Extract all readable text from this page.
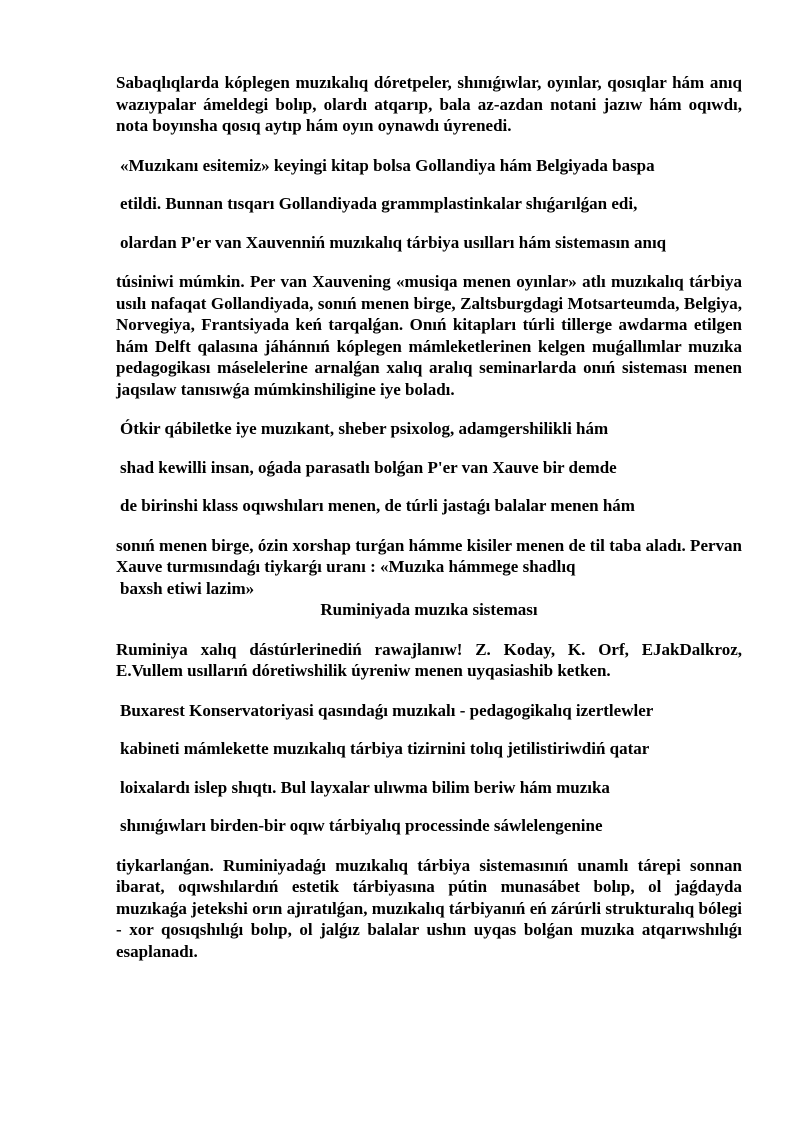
Sabaqlıqlarda kóplegen muzıkalıq dóretpeler, shınıǵıwlar, oyınlar, qosıqlar hám anıq wazıypalar ámeldegi bolıp, olardı atqarıp, bala az-azdan notani jazıw hám oqıwdı, nota boyınsha qosıq aytıp hám oyın oynawdı úyrenedi.

«Muzıkanı esitemiz» keyingi kitap bolsa Gollandiya hám Belgiyada baspa

etildi. Bunnan tısqarı Gollandiyada grammplastinkalar shıǵarılǵan edi,

olardan P'er van Xauvenniń muzıkalıq tárbiya usılları hám sistemasın anıq

túsiniwi múmkin. Per van Xauvening «musiqa menen oyınlar» atlı muzıkalıq tárbiya usılı nafaqat Gollandiyada, sonıń menen birge, Zaltsburgdagi Motsarteumda, Belgiya, Norvegiya, Frantsiyada keń tarqalǵan. Onıń kitapları túrli tillerge awdarma etilgen hám Delft qalasına jáhánnıń kóplegen mámleketlerinen kelgen muǵallımlar muzıka pedagogikası máselelerine arnalǵan xalıq aralıq seminarlarda onıń sisteması menen jaqsılaw tanısıwǵa múmkinshiligine iye boladı.

Ótkir qábiletke iye muzıkant, sheber psixolog, adamgershilikli hám

shad kewilli insan, oǵada parasatlı bolǵan P'er van Xauve bir demde

de birinshi klass oqıwshıları menen, de túrli jastaǵı balalar menen hám

sonıń menen birge, ózin xorshap turǵan hámme kisiler menen de til taba aladı. Pervan Xauve turmısındaǵı tiykarǵı uranı : «Muzıka hámmege shadlıq

baxsh etiwi lazim»

Ruminiyada muzıka sisteması

Ruminiya xalıq dástúrlerinediń rawajlanıw! Z. Koday, K. Orf, EJakDalkroz, E.Vullem usıllarıń dóretiwshilik úyreniw menen uyqasiashib ketken.

Buxarest Konservatoriyasi qasındaǵı muzıkalı - pedagogikalıq izertlewler

kabineti mámlekette muzıkalıq tárbiya tizirnini tolıq jetilistiriwdiń qatar

loixalardı islep shıqtı. Bul layxalar ulıwma bilim beriw hám muzıka

shınıǵıwları birden-bir oqıw tárbiyalıq processinde sáwlelengenine

tiykarlanǵan. Ruminiyadaǵı muzıkalıq tárbiya sistemasınıń unamlı tárepi sonnan ibarat, oqıwshılardıń estetik tárbiyasına pútin munasábet bolıp, ol jaǵdayda muzıkaǵa jetekshi orın ajıratılǵan, muzıkalıq tárbiyanıń eń zárúrli strukturalıq bólegi - xor qosıqshılıǵı bolıp, ol jalǵız balalar ushın uyqas bolǵan muzıka atqarıwshılıǵı esaplanadı.
